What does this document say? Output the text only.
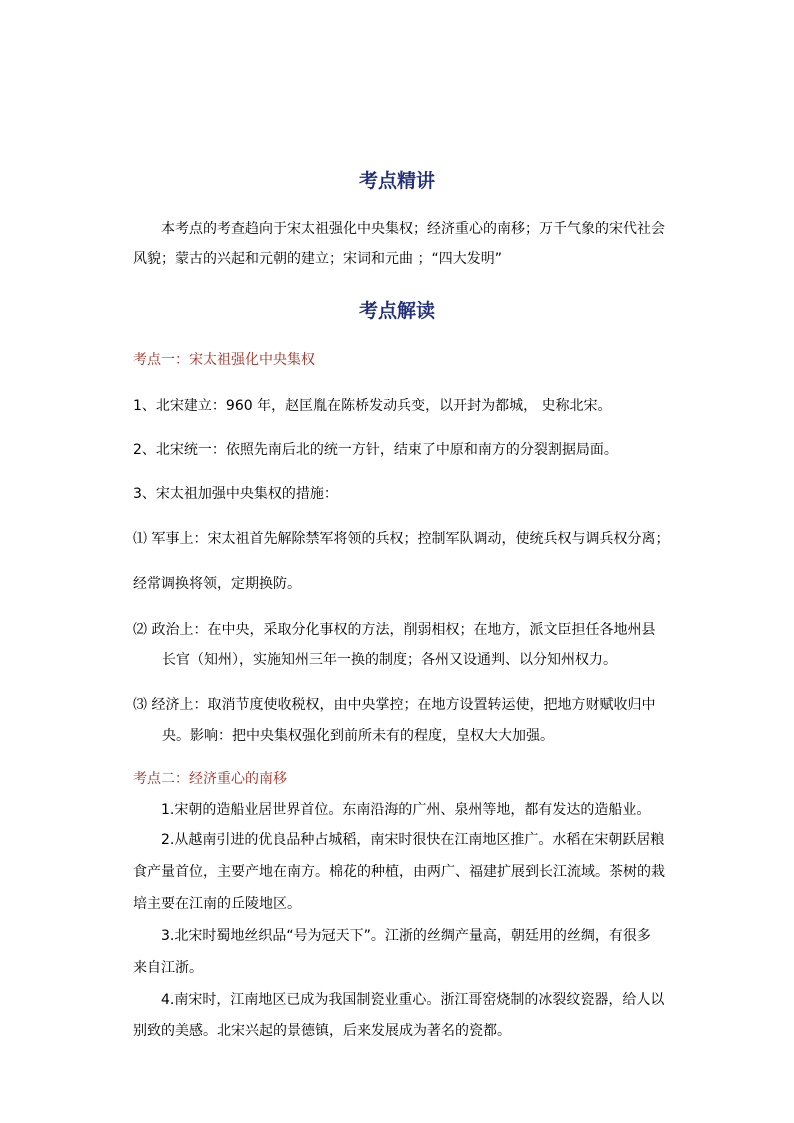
考点精讲
本考点的考查趋向于宋太祖强化中央集权；经济重心的南移；万千气象的宋代社会
风貌；蒙古的兴起和元朝的建立；宋词和元曲 ；“四大发明”
考点解读
考点一：宋太祖强化中央集权
1、北宋建立：960 年，赵匡胤在陈桥发动兵变，以开封为都城， 史称北宋。
2、北宋统一：依照先南后北的统一方针，结束了中原和南方的分裂割据局面。
3、宋太祖加强中央集权的措施：
⑴ 军事上：宋太祖首先解除禁军将领的兵权；控制军队调动，使统兵权与调兵权分离；
经常调换将领，定期换防。
⑵ 政治上：在中央，采取分化事权的方法，削弱相权；在地方，派文臣担任各地州县
长官（知州），实施知州三年一换的制度；各州又设通判、以分知州权力。
⑶ 经济上：取消节度使收税权，由中央掌控；在地方设置转运使，把地方财赋收归中
央。影响：把中央集权强化到前所未有的程度，皇权大大加强。
考点二：经济重心的南移
1.宋朝的造船业居世界首位。东南沿海的广州、泉州等地，都有发达的造船业。
2.从越南引进的优良品种占城稻，南宋时很快在江南地区推广。水稻在宋朝跃居粮
食产量首位，主要产地在南方。棉花的种植，由两广、福建扩展到长江流域。茶树的栽
培主要在江南的丘陵地区。
3.北宋时蜀地丝织品“号为冠天下”。江浙的丝绸产量高，朝廷用的丝绸，有很多
来自江浙。
4.南宋时，江南地区已成为我国制瓷业重心。浙江哥窑烧制的冰裂纹瓷器，给人以
别致的美感。北宋兴起的景德镇，后来发展成为著名的瓷都。
